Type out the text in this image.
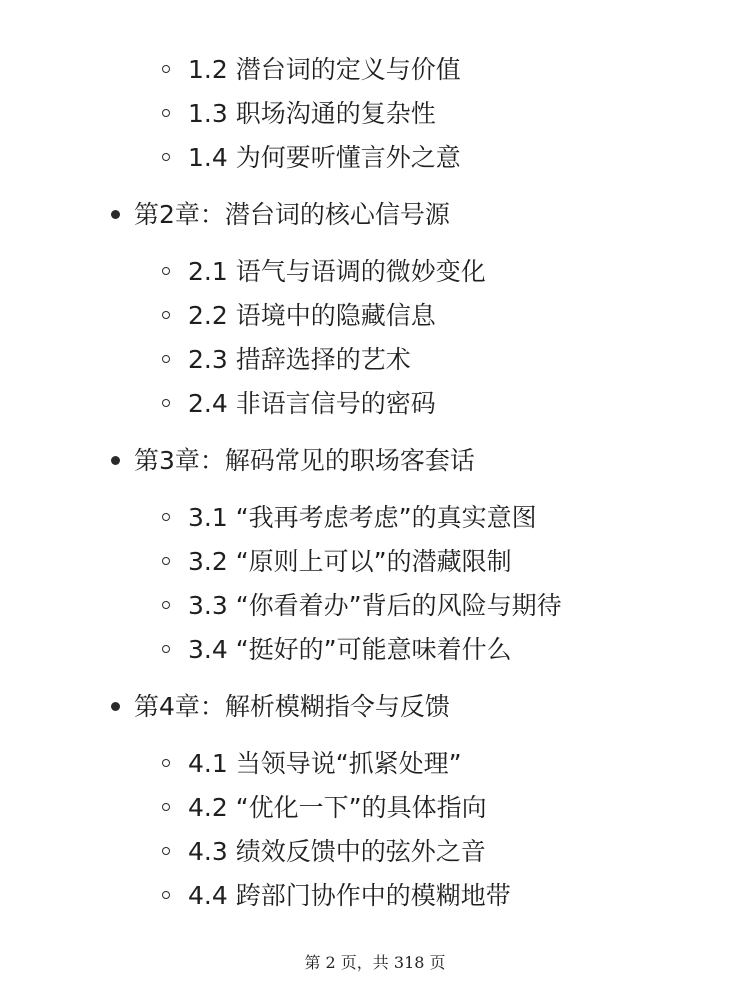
1.2 潜台词的定义与价值
1.3 职场沟通的复杂性
1.4 为何要听懂言外之意
第2章：潜台词的核心信号源
2.1 语气与语调的微妙变化
2.2 语境中的隐藏信息
2.3 措辞选择的艺术
2.4 非语言信号的密码
第3章：解码常见的职场客套话
3.1 “我再考虑考虑”的真实意图
3.2 “原则上可以”的潜藏限制
3.3 “你看着办”背后的风险与期待
3.4 “挺好的”可能意味着什么
第4章：解析模糊指令与反馈
4.1 当领导说“抓紧处理”
4.2 “优化一下”的具体指向
4.3 绩效反馈中的弦外之音
4.4 跨部门协作中的模糊地带
第 2 页，共 318 页
